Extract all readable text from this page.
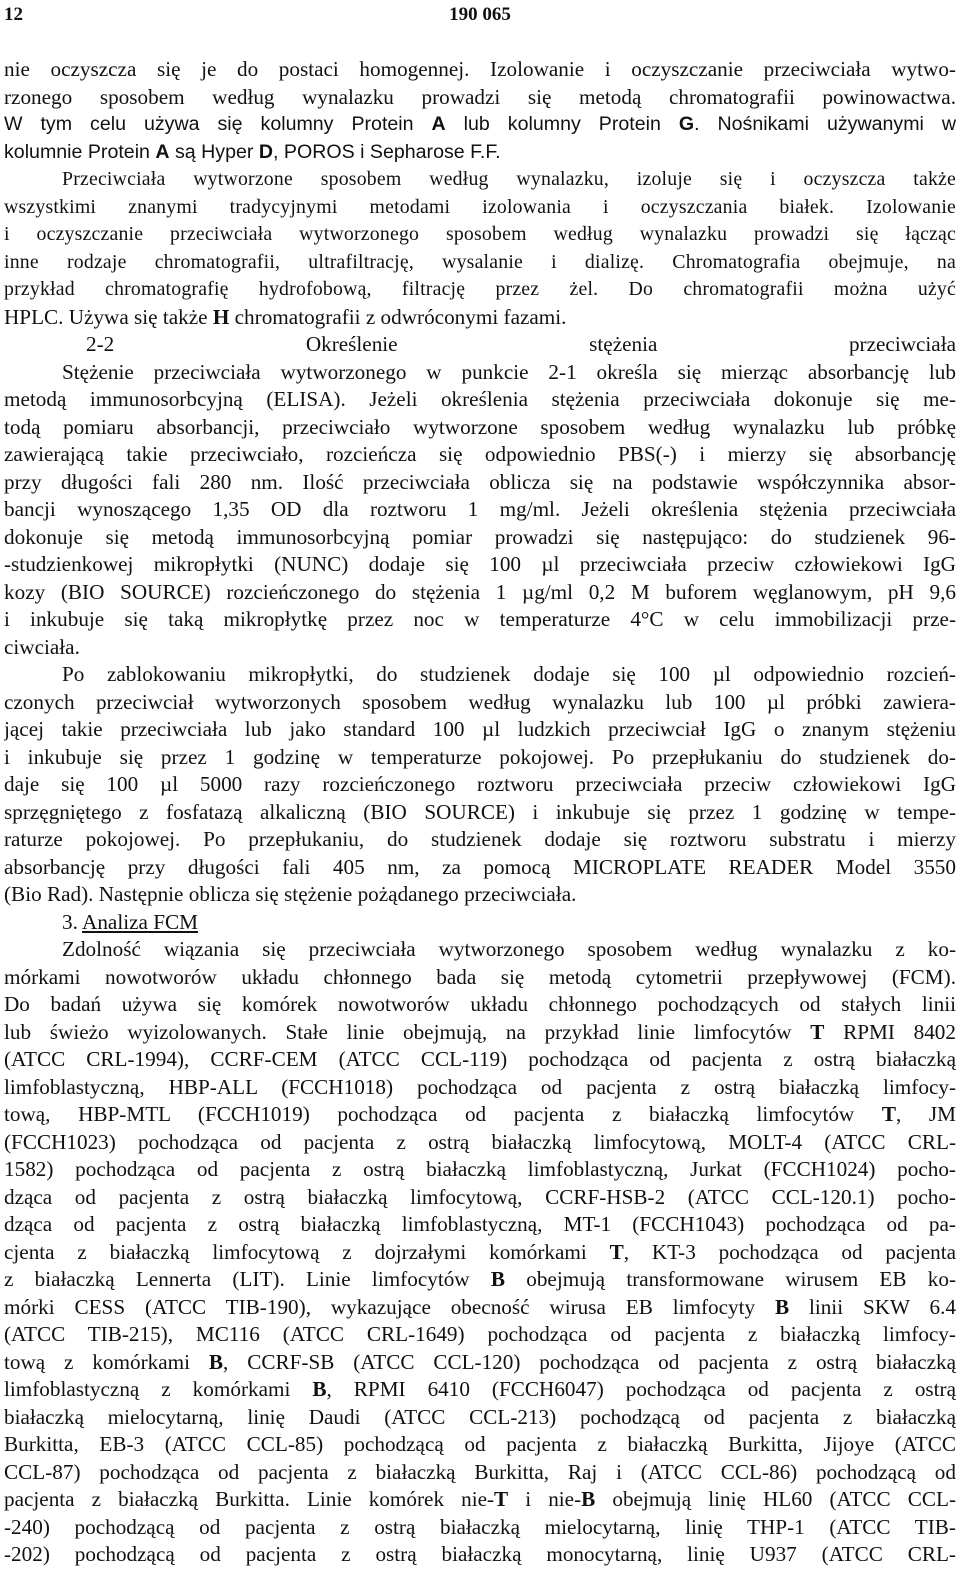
12	190 065
nie oczyszcza się je do postaci homogennej. Izolowanie i oczyszczanie przeciwciała wytwo-
rzonego sposobem według wynalazku prowadzi się metodą chromatografii powinowactwa.
W tym celu używa się kolumny Protein A lub kolumny Protein G. Nośnikami używanymi w
kolumnie Protein A są Hyper D, POROS i Sepharose F.F.
Przeciwciała wytworzone sposobem według wynalazku, izoluje się i oczyszcza także
wszystkimi znanymi tradycyjnymi metodami izolowania i oczyszczania białek. Izolowanie
i oczyszczanie przeciwciała wytworzonego sposobem według wynalazku prowadzi się łącząc
inne rodzaje chromatografii, ultrafiltrację, wysalanie i dializę. Chromatografia obejmuje, na
przykład chromatografię hydrofobową, filtrację przez żel. Do chromatografii można użyć
HPLC. Używa się także H chromatografii z odwróconymi fazami.
2-2 Określenie stężenia przeciwciała
Stężenie przeciwciała wytworzonego w punkcie 2-1 określa się mierząc absorbancję lub
metodą immunosorbcyjną (ELISA). Jeżeli określenia stężenia przeciwciała dokonuje się me-
todą pomiaru absorbancji, przeciwciało wytworzone sposobem według wynalazku lub próbkę
zawierającą takie przeciwciało, rozcieńcza się odpowiednio PBS(-) i mierzy się absorbancję
przy długości fali 280 nm. Ilość przeciwciała oblicza się na podstawie współczynnika absor-
bancji wynoszącego 1,35 OD dla roztworu 1 mg/ml. Jeżeli określenia stężenia przeciwciała
dokonuje się metodą immunosorbcyjną pomiar prowadzi się następująco: do studzienek 96-
-studzienkowej mikropłytki (NUNC) dodaje się 100 µl przeciwciała przeciw człowiekowi IgG
kozy (BIO SOURCE) rozcieńczonego do stężenia 1 µg/ml 0,2 M buforem węglanowym, pH 9,6
i inkubuje się taką mikropłytkę przez noc w temperaturze 4°C w celu immobilizacji prze-
ciwciała.
Po zablokowaniu mikropłytki, do studzienek dodaje się 100 µl odpowiednio rozcień-
czonych przeciwciał wytworzonych sposobem według wynalazku lub 100 µl próbki zawiera-
jącej takie przeciwciała lub jako standard 100 µl ludzkich przeciwciał IgG o znanym stężeniu
i inkubuje się przez 1 godzinę w temperaturze pokojowej. Po przepłukaniu do studzienek do-
daje się 100 µl 5000 razy rozcieńczonego roztworu przeciwciała przeciw człowiekowi IgG
sprzęgniętego z fosfatazą alkaliczną (BIO SOURCE) i inkubuje się przez 1 godzinę w tempe-
raturze pokojowej. Po przepłukaniu, do studzienek dodaje się roztworu substratu i mierzy
absorbancję przy długości fali 405 nm, za pomocą MICROPLATE READER Model 3550
(Bio Rad). Następnie oblicza się stężenie pożądanego przeciwciała.
3. Analiza FCM
Zdolność wiązania się przeciwciała wytworzonego sposobem według wynalazku z ko-
mórkami nowotworów układu chłonnego bada się metodą cytometrii przepływowej (FCM).
Do badań używa się komórek nowotworów układu chłonnego pochodzących od stałych linii
lub świeżo wyizolowanych. Stałe linie obejmują, na przykład linie limfocytów T RPMI 8402
(ATCC CRL-1994), CCRF-CEM (ATCC CCL-119) pochodząca od pacjenta z ostrą białaczką
limfoblastyczną, HBP-ALL (FCCH1018) pochodząca od pacjenta z ostrą białaczką limfocy-
tową, HBP-MTL (FCCH1019) pochodząca od pacjenta z białaczką limfocytów T, JM
(FCCH1023) pochodząca od pacjenta z ostrą białaczką limfocytową, MOLT-4 (ATCC CRL-
1582) pochodząca od pacjenta z ostrą białaczką limfoblastyczną, Jurkat (FCCH1024) pocho-
dząca od pacjenta z ostrą białaczką limfocytową, CCRF-HSB-2 (ATCC CCL-120.1) pocho-
dząca od pacjenta z ostrą białaczką limfoblastyczną, MT-1 (FCCH1043) pochodząca od pa-
cjenta z białaczką limfocytową z dojrzałymi komórkami T, KT-3 pochodząca od pacjenta
z białaczką Lennerta (LIT). Linie limfocytów B obejmują transformowane wirusem EB ko-
mórki CESS (ATCC TIB-190), wykazujące obecność wirusa EB limfocyty B linii SKW 6.4
(ATCC TIB-215), MC116 (ATCC CRL-1649) pochodząca od pacjenta z białaczką limfocy-
tową z komórkami B, CCRF-SB (ATCC CCL-120) pochodząca od pacjenta z ostrą białaczką
limfoblastyczną z komórkami B, RPMI 6410 (FCCH6047) pochodząca od pacjenta z ostrą
białaczką mielocytarną, linię Daudi (ATCC CCL-213) pochodzącą od pacjenta z białaczką
Burkitta, EB-3 (ATCC CCL-85) pochodzącą od pacjenta z białaczką Burkitta, Jijoye (ATCC
CCL-87) pochodząca od pacjenta z białaczką Burkitta, Raj i (ATCC CCL-86) pochodzącą od
pacjenta z białaczką Burkitta. Linie komórek nie-T i nie-B obejmują linię HL60 (ATCC CCL-
-240) pochodzącą od pacjenta z ostrą białaczką mielocytarną, linię THP-1 (ATCC TIB-
-202) pochodzącą od pacjenta z ostrą białaczką monocytarną, linię U937 (ATCC CRL-
